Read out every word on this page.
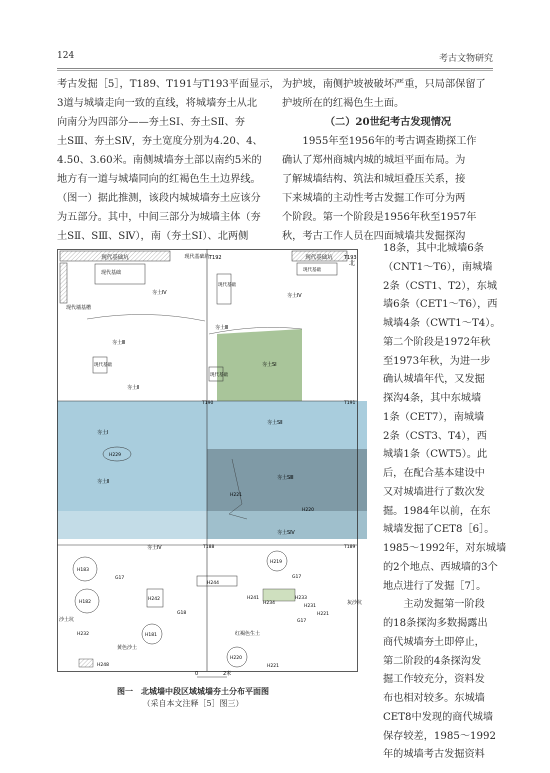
124	考古文物研究

考古发掘［5］，T189、T191与T193平面显示，
3道与城墙走向一致的直线，将城墙夯土从北
向南分为四部分——夯土SⅠ、夯土SⅡ、夯
土SⅢ、夯土SⅣ，夯土宽度分别为4.20、4、
4.50、3.60米。南侧城墙夯土部以南约5米的
地方有一道与城墙同向的红褐色生土边界线。
（图一）据此推测，该段内城城墙夯土应该分
为五部分。其中，中间三部分为城墙主体（夯
土SⅡ、SⅢ、SⅣ），南（夯土SⅠ）、北两侧

为护坡，南侧护坡被破坏严重，只局部保留了
护坡所在的红褐色生土面。

（二）20世纪考古发现情况

1955年至1956年的考古调查勘探工作
确认了郑州商城内城的城垣平面布局。为
了解城墙结构、筑法和城垣叠压关系，接
下来城墙的主动性考古发掘工作可分为两
个阶段。第一个阶段是1956年秋至1957年
秋，考古工作人员在四面城墙共发掘探沟

18条，其中北城墙6条
（CNT1～T6），南城墙
2条（CST1、T2），东城
墙6条（CET1～T6），西
城墙4条（CWT1～T4）。
第二个阶段是1972年秋
至1973年秋，为进一步
确认城墙年代，又发掘
探沟4条，其中东城墙
1条（CET7），南城墙
2条（CST3、T4），西
城墙1条（CWT5）。此
后，在配合基本建设中
又对城墙进行了数次发
掘。1984年以前，在东
城墙发掘了CET8［6］。
1985～1992年，对东城墙
的2个地点、西城墙的3个
地点进行了发掘［7］。
　　主动发掘第一阶段
的18条探沟多数揭露出
商代城墙夯土即停止，
第二阶段的4条探沟发
掘工作较充分，资料发
布也相对较多。东城墙
CET8中发现的商代城墙
保存较差，1985～1992
年的城墙考古发掘资料

现代基础坑	现代基础坑
现代基础坑 T192	T193
北
现代墙基槽
现代基础
现代基础
现代基础
现代基础
现代基础
夯土Ⅳ	夯土Ⅳ
夯土Ⅲ
夯土Ⅲ
夯土Ⅱ
夯土SⅠ
T190	T191
夯土Ⅰ
夯土SⅡ
H229
夯土Ⅱ
H221
夯土SⅢ
H220
夯土SⅣ
夯土Ⅳ	T188	T189
H183
H182
H232	H181
H242
G17
H244
H219
G17
H241
H234
H233
H231
G17
H221
红褐色生土
H220
H221
G18
黄色沙土
H248
沙土坑
灰沙坑
0	2米
图一　北城墙中段区域城墙夯土分布平面图
（采自本文注释［5］图三）
